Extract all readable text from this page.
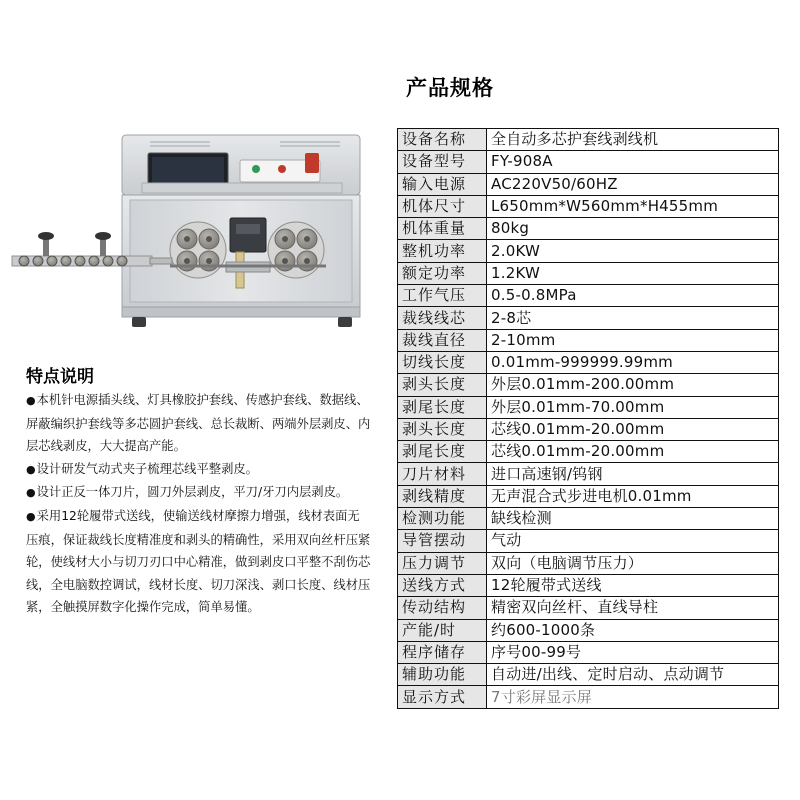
产品规格
设备名称	全自动多芯护套线剥线机
设备型号	FY-908A
输入电源	AC220V50/60HZ
机体尺寸	L650mm*W560mm*H455mm
机体重量	80kg
整机功率	2.0KW
额定功率	1.2KW
工作气压	0.5-0.8MPa
裁线线芯	2-8芯
裁线直径	2-10mm
切线长度	0.01mm-999999.99mm
剥头长度	外层0.01mm-200.00mm
剥尾长度	外层0.01mm-70.00mm
剥头长度	芯线0.01mm-20.00mm
剥尾长度	芯线0.01mm-20.00mm
刀片材料	进口高速钢/钨钢
剥线精度	无声混合式步进电机0.01mm
检测功能	缺线检测
导管摆动	气动
压力调节	双向（电脑调节压力）
送线方式	12轮履带式送线
传动结构	精密双向丝杆、直线导柱
产能/时	约600-1000条
程序储存	序号00-99号
辅助功能	自动进/出线、定时启动、点动调节
显示方式	7寸彩屏显示屏
特点说明

●本机针电源插头线、灯具橡胶护套线、传感护套线、数据线、屏蔽编织护套线等多芯圆护套线、总长裁断、两端外层剥皮、内层芯线剥皮，大大提高产能。

●设计研发气动式夹子梳理芯线平整剥皮。

●设计正反一体刀片，圆刀外层剥皮，平刀/牙刀内层剥皮。

●采用12轮履带式送线，使输送线材摩擦力增强，线材表面无压痕，保证裁线长度精准度和剥头的精确性，采用双向丝杆压紧轮，使线材大小与切刀刃口中心精准，做到剥皮口平整不刮伤芯线，全电脑数控调试，线材长度、切刀深浅、剥口长度、线材压紧，全触摸屏数字化操作完成，简单易懂。
